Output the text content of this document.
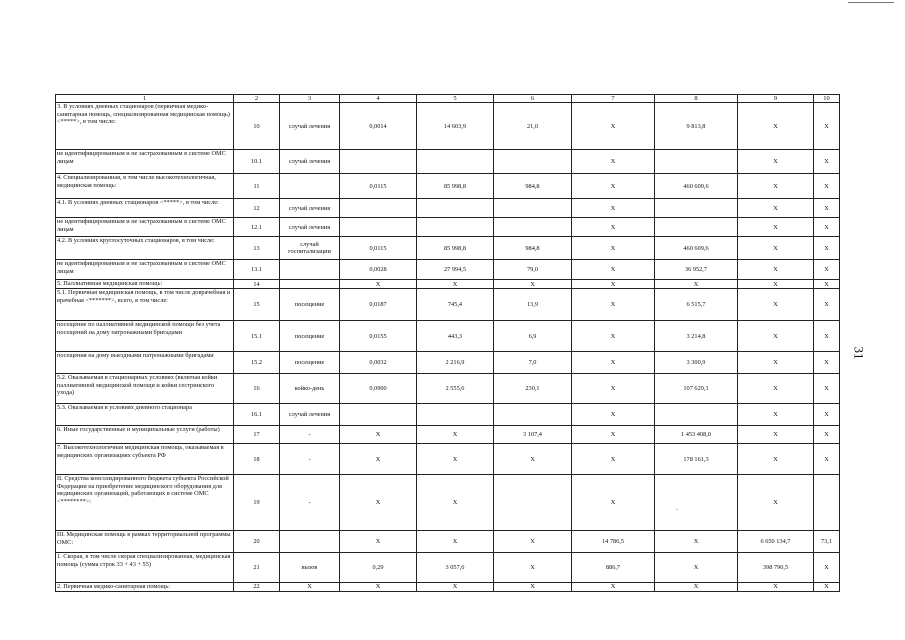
31
1	2	3	4	5	6	7	8	9	10
3. В условиях дневных стационаров (первичная медико-санитарная помощь, специализированная медицинская помощь) <*****>, в том числе:	10	случай лечения	0,0014	14 603,9	21,0	Х	9 813,8	Х	Х
не идентифицированным и не застрахованным в системе ОМС лицам	10.1	случай лечения				Х		Х	Х
4. Специализированная, в том числе высокотехнологичная, медицинская помощь:	11		0,0115	85 998,8	984,8	Х	460 609,6	Х	Х
4.1. В условиях дневных стационаров <*****>, в том числе:	12	случай лечения				Х		Х	Х
не идентифицированным и не застрахованным в системе ОМС лицам	12.1	случай лечения				Х		Х	Х
4.2. В условиях круглосуточных стационаров, в том числе:	13	случай госпитализации	0,0115	85 998,8	984,8	Х	460 609,6	Х	Х
не идентифицированным и не застрахованным в системе ОМС лицам	13.1		0,0028	27 994,5	79,0	Х	36 952,7	Х	Х
5. Паллиативная медицинская помощь:	14		Х	Х	Х	Х	Х	Х	Х
5.1. Первичная медицинская помощь, в том числе доврачебная и врачебная <*******>, всего, в том числе:	15	посещение	0,0187	745,4	13,9	Х	6 515,7	Х	Х
посещение по паллиативной медицинской помощи без учета посещений на дому патронажными бригадами	15.1	посещение	0,0155	443,3	6,9	Х	3 214,8	Х	Х
посещения на дому выездными патронажными бригадами	15.2	посещение	0,0032	2 216,9	7,0	Х	3 300,9	Х	Х
5.2. Оказываемая в стационарных условиях (включая койки паллиативной медицинской помощи и койки сестринского ухода)	16	койко-день	0,0900	2 555,6	230,1	Х	107 629,1	Х	Х
5.3. Оказываемая в условиях дневного стационара	16.1	случай лечения				Х		Х	Х
6. Иные государственные и муниципальные услуги (работы)	17	-	Х	Х	3 107,4	Х	1 453 408,0	Х	Х
7. Высокотехнологичная медицинская помощь, оказываемая в медицинских организациях субъекта РФ	18	-	Х	Х	Х	Х	178 161,3	Х	Х
II. Средства консолидированного бюджета субъекта Российской Федерации на приобретение медицинского оборудования для медицинских организаций, работающих в системе ОМС <********>:	19	-	Х	Х		Х		Х	
III. Медицинская помощь в рамках территориальной программы ОМС:	20		Х	Х	Х	14 786,5	Х	6 650 134,7	73,1
1. Скорая, в том числе скорая специализированная, медицинская помощь (сумма строк 33 + 43 + 55)	21	вызов	0,29	3 057,6	Х	886,7	Х	398 790,5	Х
2. Первичная медико-санитарная помощь:	22	Х	Х	Х	Х	Х	Х	Х	Х
-
